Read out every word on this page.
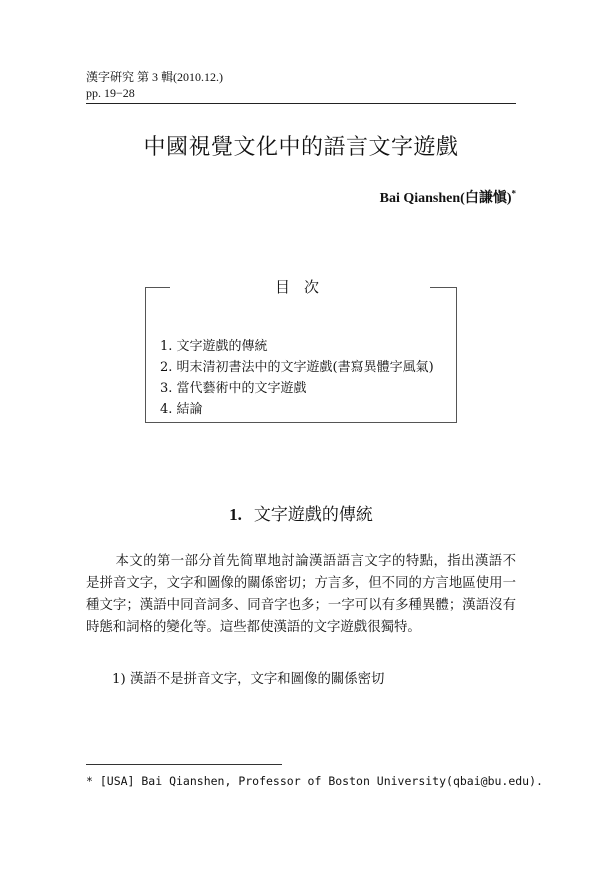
漢字硏究 第 3 輯(2010.12.)
pp. 19−28
中國視覺文化中的語言文字遊戲
Bai Qianshen(白謙愼)*
目次
1. 文字遊戲的傳統
2. 明末清初書法中的文字遊戲(書寫異體字風氣)
3. 當代藝術中的文字遊戲
4. 結論
1. 文字遊戲的傳統

本文的第一部分首先简單地討論漢語語言文字的特點，指出漢語不是拼音文字，文字和圖像的關係密切；方言多，但不同的方言地區使用一種文字；漢語中同音詞多、同音字也多；一字可以有多種異體；漢語沒有時態和詞格的變化等。這些都使漢語的文字遊戲很獨特。

1) 漢語不是拼音文字，文字和圖像的關係密切
* [USA] Bai Qianshen, Professor of Boston University(qbai@bu.edu).
